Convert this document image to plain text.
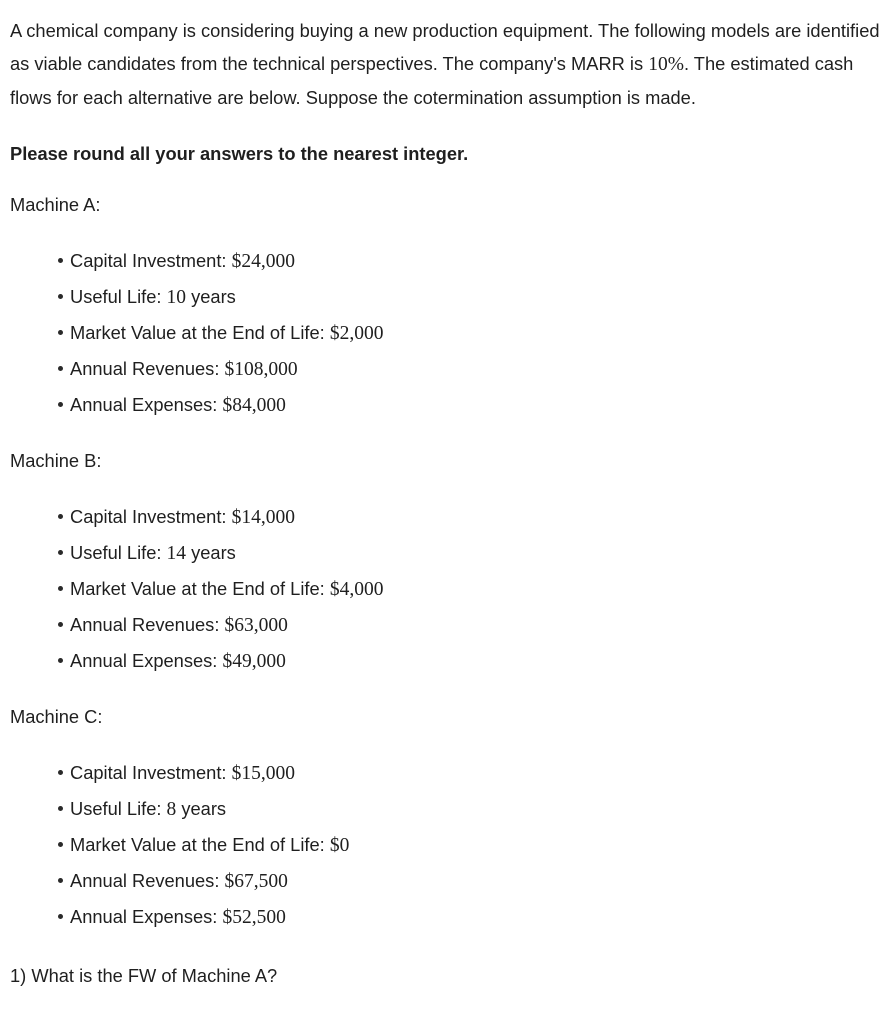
A chemical company is considering buying a new production equipment. The following models are identified as viable candidates from the technical perspectives. The company's MARR is 10%. The estimated cash flows for each alternative are below. Suppose the cotermination assumption is made.

Please round all your answers to the nearest integer.

Machine A:

Capital Investment: $24,000
Useful Life: 10 years
Market Value at the End of Life: $2,000
Annual Revenues: $108,000
Annual Expenses: $84,000

Machine B:

Capital Investment: $14,000
Useful Life: 14 years
Market Value at the End of Life: $4,000
Annual Revenues: $63,000
Annual Expenses: $49,000

Machine C:

Capital Investment: $15,000
Useful Life: 8 years
Market Value at the End of Life: $0
Annual Revenues: $67,500
Annual Expenses: $52,500

1) What is the FW of Machine A?
